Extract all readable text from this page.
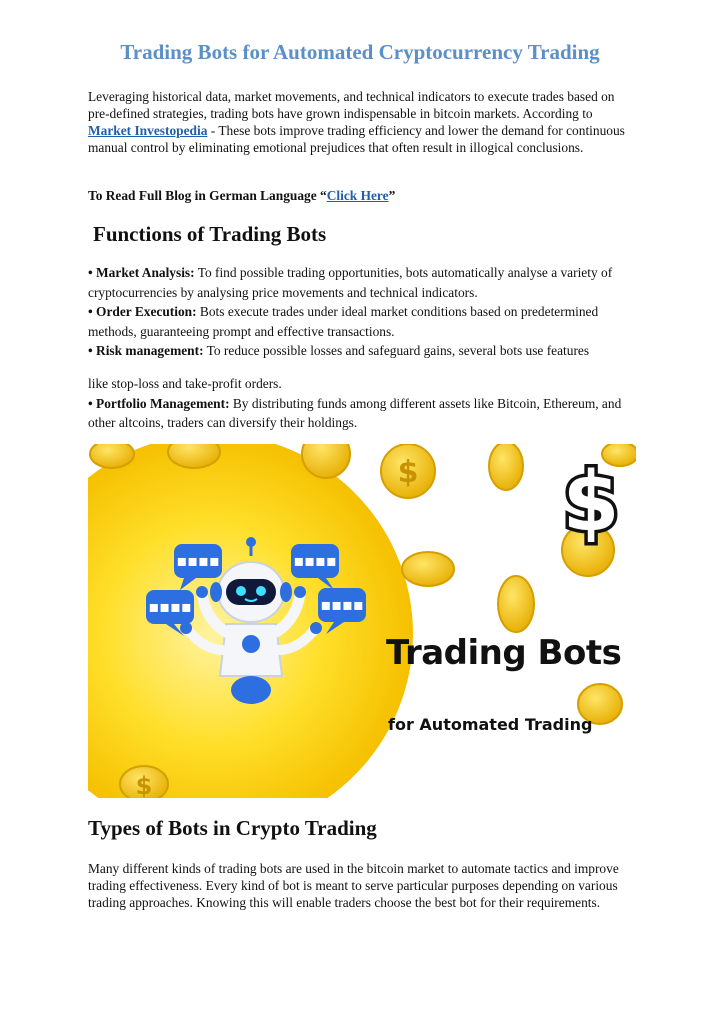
Trading Bots for Automated Cryptocurrency Trading

Leveraging historical data, market movements, and technical indicators to execute trades based on pre-defined strategies, trading bots have grown indispensable in bitcoin markets. According to Market Investopedia - These bots improve trading efficiency and lower the demand for continuous manual control by eliminating emotional prejudices that often result in illogical conclusions.

To Read Full Blog in German Language “Click Here”

Functions of Trading Bots
• Market Analysis: To find possible trading opportunities, bots automatically analyse a variety of cryptocurrencies by analysing price movements and technical indicators.
• Order Execution: Bots execute trades under ideal market conditions based on predetermined methods, guaranteeing prompt and effective transactions.
• Risk management: To reduce possible losses and safeguard gains, several bots use features
like stop-loss and take-profit orders.
• Portfolio Management: By distributing funds among different assets like Bitcoin, Ethereum, and other altcoins, traders can diversify their holdings.
$
$
$
▪▪▪▪	▪▪▪▪
▪▪▪▪	▪▪▪▪

Trading Bots

for Automated Trading

Types of Bots in Crypto Trading

Many different kinds of trading bots are used in the bitcoin market to automate tactics and improve trading effectiveness. Every kind of bot is meant to serve particular purposes depending on various trading approaches. Knowing this will enable traders choose the best bot for their requirements.
